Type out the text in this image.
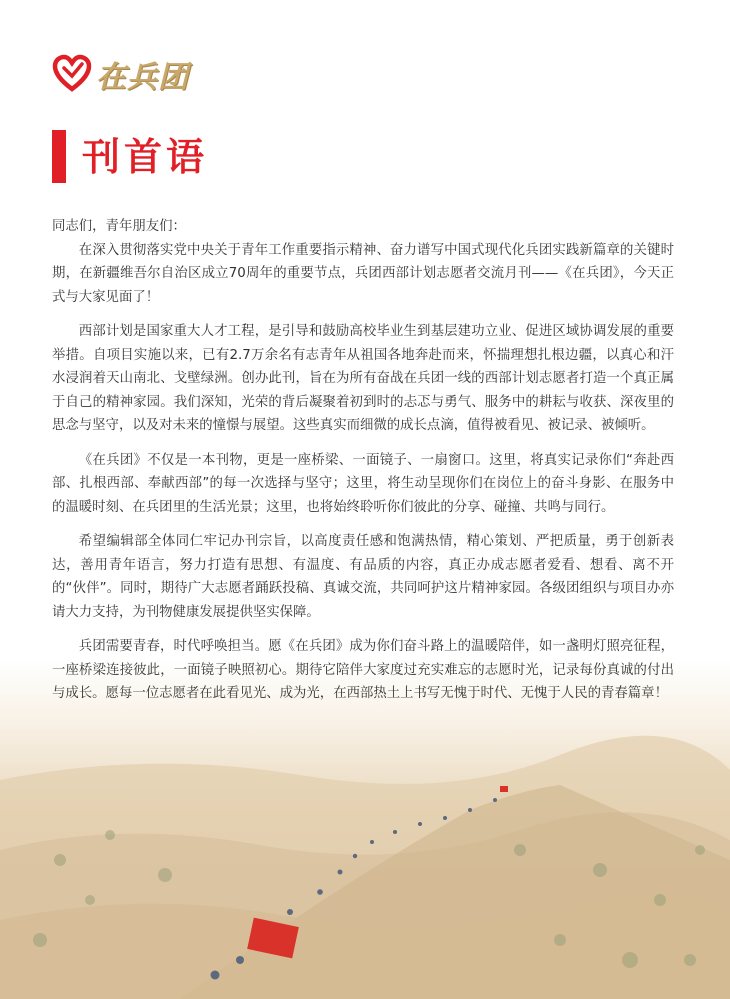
在兵团
刊首语

同志们，青年朋友们：

在深入贯彻落实党中央关于青年工作重要指示精神、奋力谱写中国式现代化兵团实践新篇章的关键时期，在新疆维吾尔自治区成立70周年的重要节点，兵团西部计划志愿者交流月刊——《在兵团》，今天正式与大家见面了！

西部计划是国家重大人才工程，是引导和鼓励高校毕业生到基层建功立业、促进区域协调发展的重要举措。自项目实施以来，已有2.7万余名有志青年从祖国各地奔赴而来，怀揣理想扎根边疆，以真心和汗水浸润着天山南北、戈壁绿洲。创办此刊，旨在为所有奋战在兵团一线的西部计划志愿者打造一个真正属于自己的精神家园。我们深知，光荣的背后凝聚着初到时的忐忑与勇气、服务中的耕耘与收获、深夜里的思念与坚守，以及对未来的憧憬与展望。这些真实而细微的成长点滴，值得被看见、被记录、被倾听。

《在兵团》不仅是一本刊物，更是一座桥梁、一面镜子、一扇窗口。这里，将真实记录你们“奔赴西部、扎根西部、奉献西部”的每一次选择与坚守；这里，将生动呈现你们在岗位上的奋斗身影、在服务中的温暖时刻、在兵团里的生活光景；这里，也将始终聆听你们彼此的分享、碰撞、共鸣与同行。

希望编辑部全体同仁牢记办刊宗旨，以高度责任感和饱满热情，精心策划、严把质量，勇于创新表达，善用青年语言，努力打造有思想、有温度、有品质的内容，真正办成志愿者爱看、想看、离不开的“伙伴”。同时，期待广大志愿者踊跃投稿、真诚交流，共同呵护这片精神家园。各级团组织与项目办亦请大力支持，为刊物健康发展提供坚实保障。

兵团需要青春，时代呼唤担当。愿《在兵团》成为你们奋斗路上的温暖陪伴，如一盏明灯照亮征程，一座桥梁连接彼此，一面镜子映照初心。期待它陪伴大家度过充实难忘的志愿时光，记录每份真诚的付出与成长。愿每一位志愿者在此看见光、成为光，在西部热土上书写无愧于时代、无愧于人民的青春篇章！
